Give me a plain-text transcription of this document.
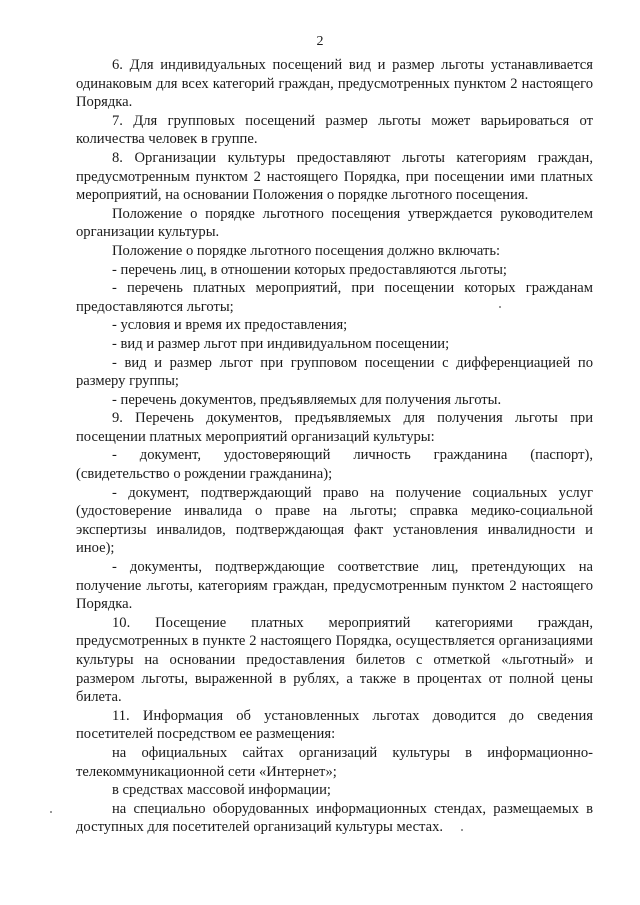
2

6. Для индивидуальных посещений вид и размер льготы устанавливается одинаковым для всех категорий граждан, предусмотренных пунктом 2 настоящего Порядка.

7. Для групповых посещений размер льготы может варьироваться от количества человек в группе.

8. Организации культуры предоставляют льготы категориям граждан, предусмотренным пунктом 2 настоящего Порядка, при посещении ими платных мероприятий, на основании Положения о порядке льготного посещения.

Положение о порядке льготного посещения утверждается руководителем организации культуры.

Положение о порядке льготного посещения должно включать:

- перечень лиц, в отношении которых предоставляются льготы;

- перечень платных мероприятий, при посещении которых гражданам предоставляются льготы;

- условия и время их предоставления;

- вид и размер льгот при индивидуальном посещении;

- вид и размер льгот при групповом посещении с дифференциацией по размеру группы;

- перечень документов, предъявляемых для получения льготы.

9. Перечень документов, предъявляемых для получения льготы при посещении платных мероприятий организаций культуры:

- документ, удостоверяющий личность гражданина (паспорт), (свидетельство о рождении гражданина);

- документ, подтверждающий право на получение социальных услуг (удостоверение инвалида о праве на льготы; справка медико-социальной экспертизы инвалидов, подтверждающая факт установления инвалидности и иное);

- документы, подтверждающие соответствие лиц, претендующих на получение льготы, категориям граждан, предусмотренным пунктом 2 настоящего Порядка.

10. Посещение платных мероприятий категориями граждан, предусмотренных в пункте 2 настоящего Порядка, осуществляется организациями культуры на основании предоставления билетов с отметкой «льготный» и размером льготы, выраженной в рублях, а также в процентах от полной цены билета.

11. Информация об установленных льготах доводится до сведения посетителей посредством ее размещения:

на официальных сайтах организаций культуры в информационно-телекоммуникационной сети «Интернет»;

в средствах массовой информации;

на специально оборудованных информационных стендах, размещаемых в доступных для посетителей организаций культуры местах.
